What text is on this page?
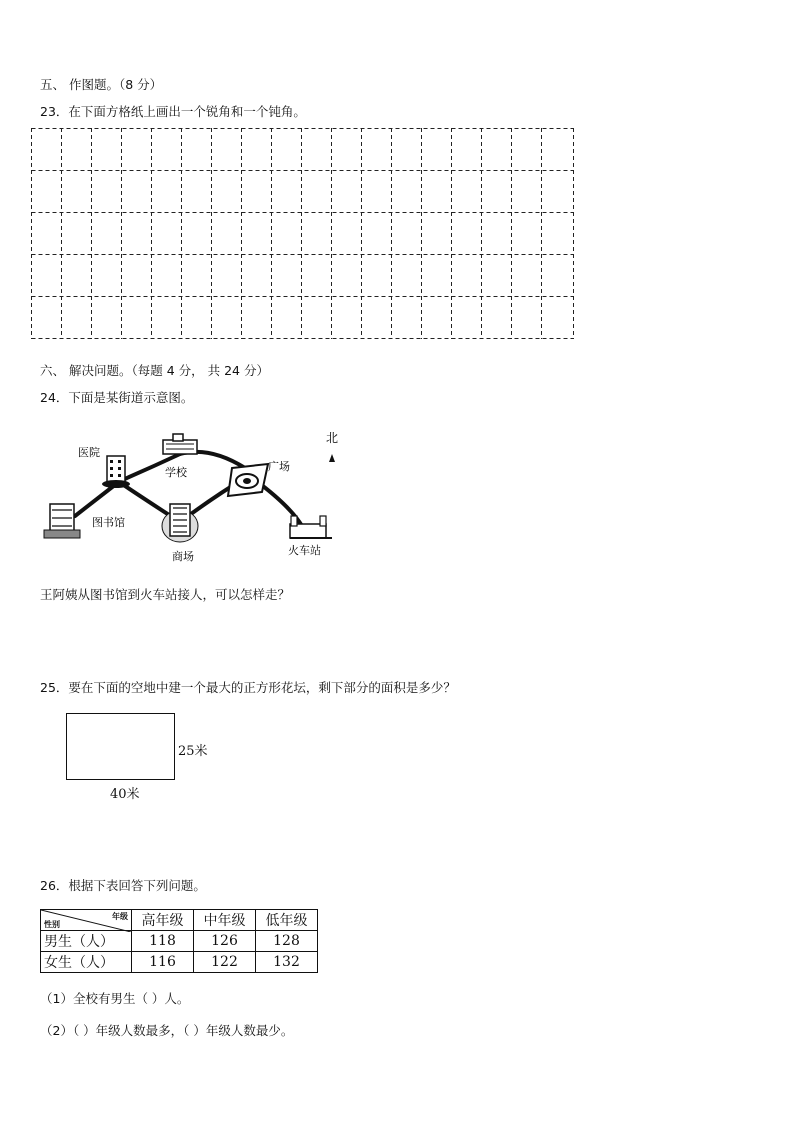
五、 作图题。（8 分）
23．在下面方格纸上画出一个锐角和一个钝角。
六、 解决问题。（每题 4 分， 共 24 分）
24．下面是某街道示意图。
北
医院
学校	广场
图书馆
商场	火车站
王阿姨从图书馆到火车站接人，可以怎样走？
25．要在下面的空地中建一个最大的正方形花坛，剩下部分的面积是多少？
25米
40米
26．根据下表回答下列问题。
年级
性别	高年级	中年级	低年级
男生（人）	118	126	128
女生（人）	116	122	132
（1）全校有男生（ ）人。
（2）（ ）年级人数最多，（ ）年级人数最少。
